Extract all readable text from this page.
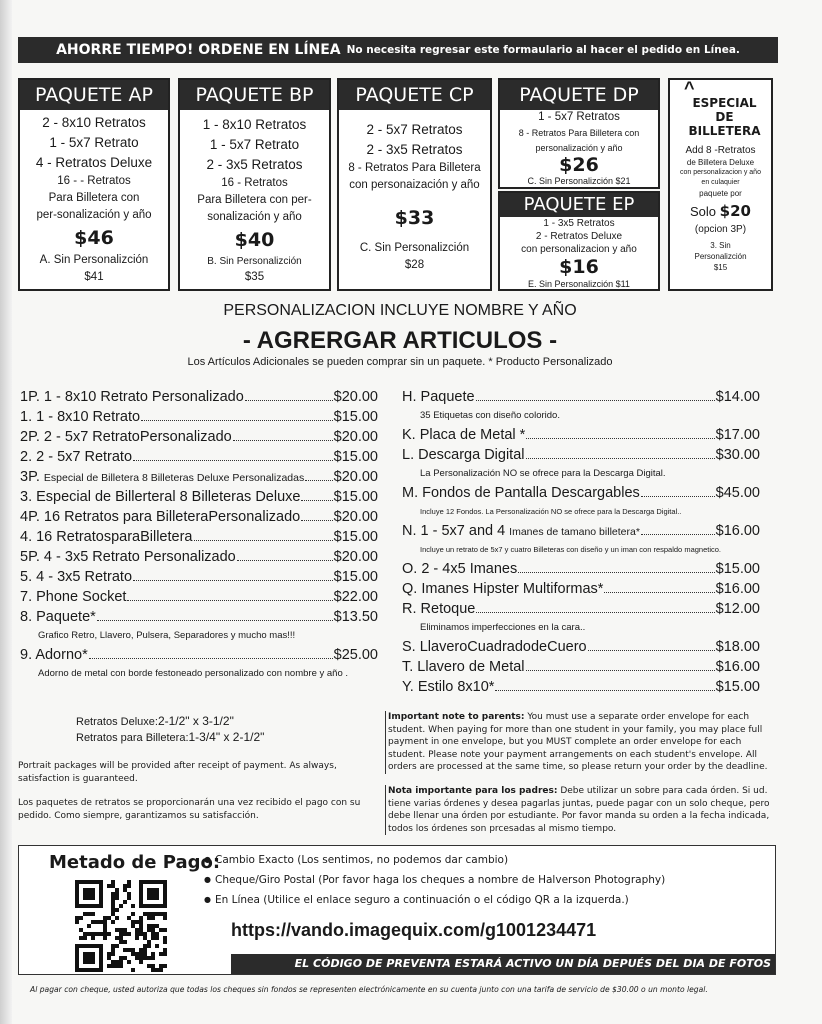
AHORRE TIEMPO! ORDENE EN LÍNEA No necesita regresar este formaulario al hacer el pedido en Línea.
PAQUETE AP
2 - 8x10 Retratos
1 - 5x7 Retrato
4 - Retratos Deluxe
16 - - Retratos
Para Billetera con
per-sonalización y año
$46
A. Sin Personalizción
$41
PAQUETE BP
1 - 8x10 Retratos
1 - 5x7 Retrato
2 - 3x5 Retratos
16 - Retratos
Para Billetera con per-
sonalización y año
$40
B. Sin Personalizción
$35
PAQUETE CP
2 - 5x7 Retratos
2 - 3x5 Retratos
8 - Retratos Para Billetera
con personaización y año
$33
C. Sin Personalizción
$28
PAQUETE DP
1 - 5x7 Retratos
8 - Retratos Para Billetera con
personalización y año
$26
C. Sin Personalizción $21
PAQUETE EP
1 - 3x5 Retratos
2 - Retratos Deluxe
con personalizacion y año
$16
E. Sin Personalizción $11
^
ESPECIAL
DE
BILLETERA
Add 8 -Retratos
de Billetera Deluxe
con personalizacion y año
en culaquier
paquete por
Solo $20
(opcion 3P)
3. Sin
Personalizción
$15
PERSONALIZACION INCLUYE NOMBRE Y AÑO
- AGRERGAR ARTICULOS -
Los Artículos Adicionales se pueden comprar sin un paquete. * Producto Personalizado
1P. 1 - 8x10 Retrato Personalizado	$20.00
1. 1 - 8x10 Retrato	$15.00
2P. 2 - 5x7 RetratoPersonalizado	$20.00
2. 2 - 5x7 Retrato	$15.00
3P. Especial de Billetera 8 Billeteras Deluxe Personalizadas $20.00
3. Especial de Billerteral 8 Billeteras Deluxe $15.00
4P. 16 Retratos para BilleteraPersonalizado $20.00
4. 16 RetratosparaBilletera	$15.00
5P. 4 - 3x5 Retrato Personalizado	$20.00
5. 4 - 3x5 Retrato	$15.00
7. Phone Socket	$22.00
8. Paquete*	$13.50
Grafico Retro, Llavero, Pulsera, Separadores y mucho mas!!!
9. Adorno*	$25.00
Adorno de metal con borde festoneado personalizado con nombre y año .
H. Paquete	$14.00
35 Etiquetas con diseño colorido.
K. Placa de Metal *	$17.00
L. Descarga Digital	$30.00
La Personalización NO se ofrece para la Descarga Digital.
M. Fondos de Pantalla Descargables	$45.00
Incluye 12 Fondos. La Personalización NO se ofrece para la Descarga Digital..
N. 1 - 5x7 and 4 Imanes de tamano billetera*	$16.00
Incluye un retrato de 5x7 y cuatro Billeteras con diseño y un iman con respaldo magnetico.
O. 2 - 4x5 Imanes	$15.00
Q. Imanes Hipster Multiformas*	$16.00
R. Retoque	$12.00
Eliminamos imperfecciones en la cara..
S. LlaveroCuadradodeCuero	$18.00
T. Llavero de Metal	$16.00
Y. Estilo 8x10*	$15.00
Retratos Deluxe:2-1/2" x 3-1/2"
Retratos para Billetera:1-3/4" x 2-1/2"
Portrait packages will be provided after receipt of payment. As always, satisfaction is guaranteed.
Los paquetes de retratos se proporcionarán una vez recibido el pago con su pedido. Como siempre, garantizamos su satisfacción.
Important note to parents: You must use a separate order envelope for each student. When paying for more than one student in your family, you may place full payment in one envelope, but you MUST complete an order envelope for each student. Please note your payment arrangements on each student's envelope. All orders are processed at the same time, so please return your order by the deadline.
Nota importante para los padres: Debe utilizar un sobre para cada órden. Si ud. tiene varias órdenes y desea pagarlas juntas, puede pagar con un solo cheque, pero debe llenar una órden por estudiante. Por favor manda su orden a la fecha indicada, todos los órdenes son prcesadas al mismo tiempo.
Metado de Pago:
● Cambio Exacto (Los sentimos, no podemos dar cambio)
● Cheque/Giro Postal (Por favor haga los cheques a nombre de Halverson Photography)
● En Línea (Utilice el enlace seguro a continuación o el código QR a la izquerda.)
https://vando.imagequix.com/g1001234471
EL CÓDIGO DE PREVENTA ESTARÁ ACTIVO UN DÍA DEPUÉS DEL DIA DE FOTOS
Al pagar con cheque, usted autoriza que todas los cheques sin fondos se representen electrónicamente en su cuenta junto con una tarifa de servicio de $30.00 o un monto legal.
